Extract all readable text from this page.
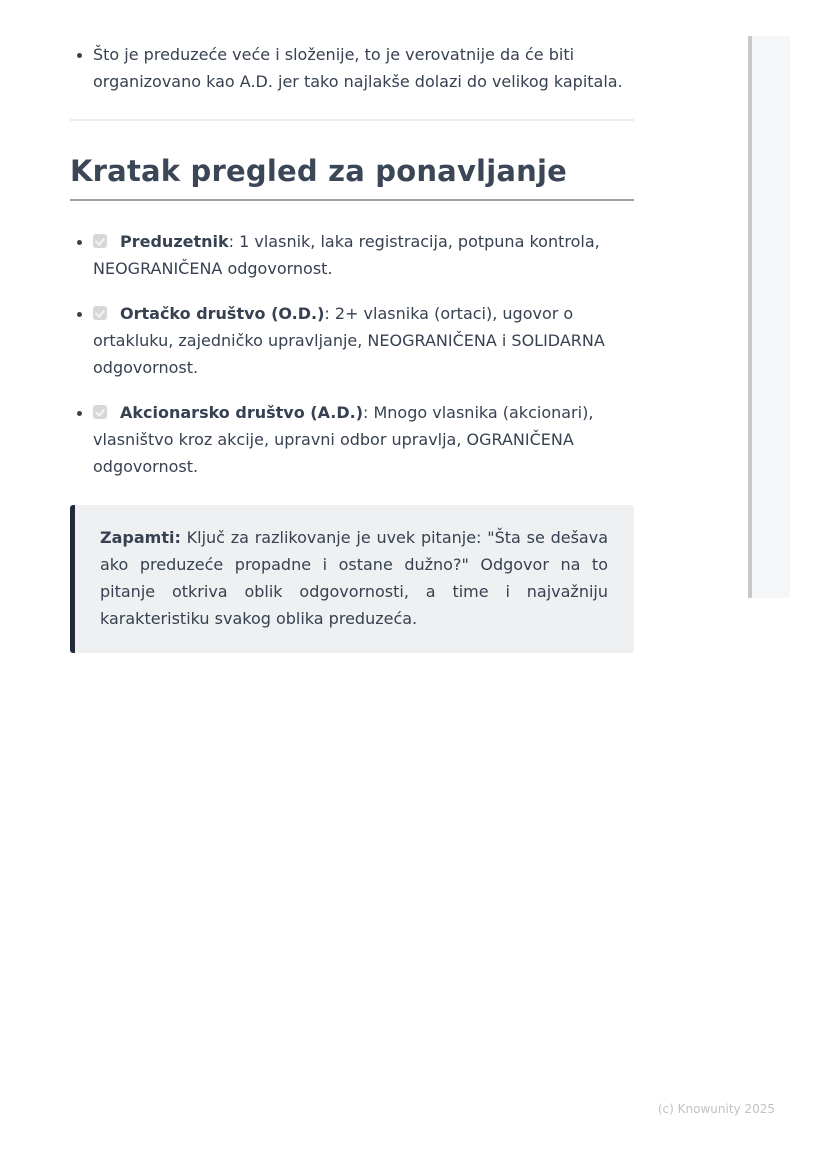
• Što je preduzeće veće i složenije, to je verovatnije da će biti organizovano kao A.D. jer tako najlakše dolazi do velikog kapitala.
Kratak pregled za ponavljanje
• Preduzetnik: 1 vlasnik, laka registracija, potpuna kontrola, NEOGRANIČENA odgovornost.
• Ortačko društvo (O.D.): 2+ vlasnika (ortaci), ugovor o ortakluku, zajedničko upravljanje, NEOGRANIČENA i SOLIDARNA odgovornost.
• Akcionarsko društvo (A.D.): Mnogo vlasnika (akcionari), vlasništvo kroz akcije, upravni odbor upravlja, OGRANIČENA odgovornost.
Zapamti: Ključ za razlikovanje je uvek pitanje: "Šta se dešava ako preduzeće propadne i ostane dužno?" Odgovor na to pitanje otkriva oblik odgovornosti, a time i najvažniju karakteristiku svakog oblika preduzeća.
(c) Knowunity 2025
